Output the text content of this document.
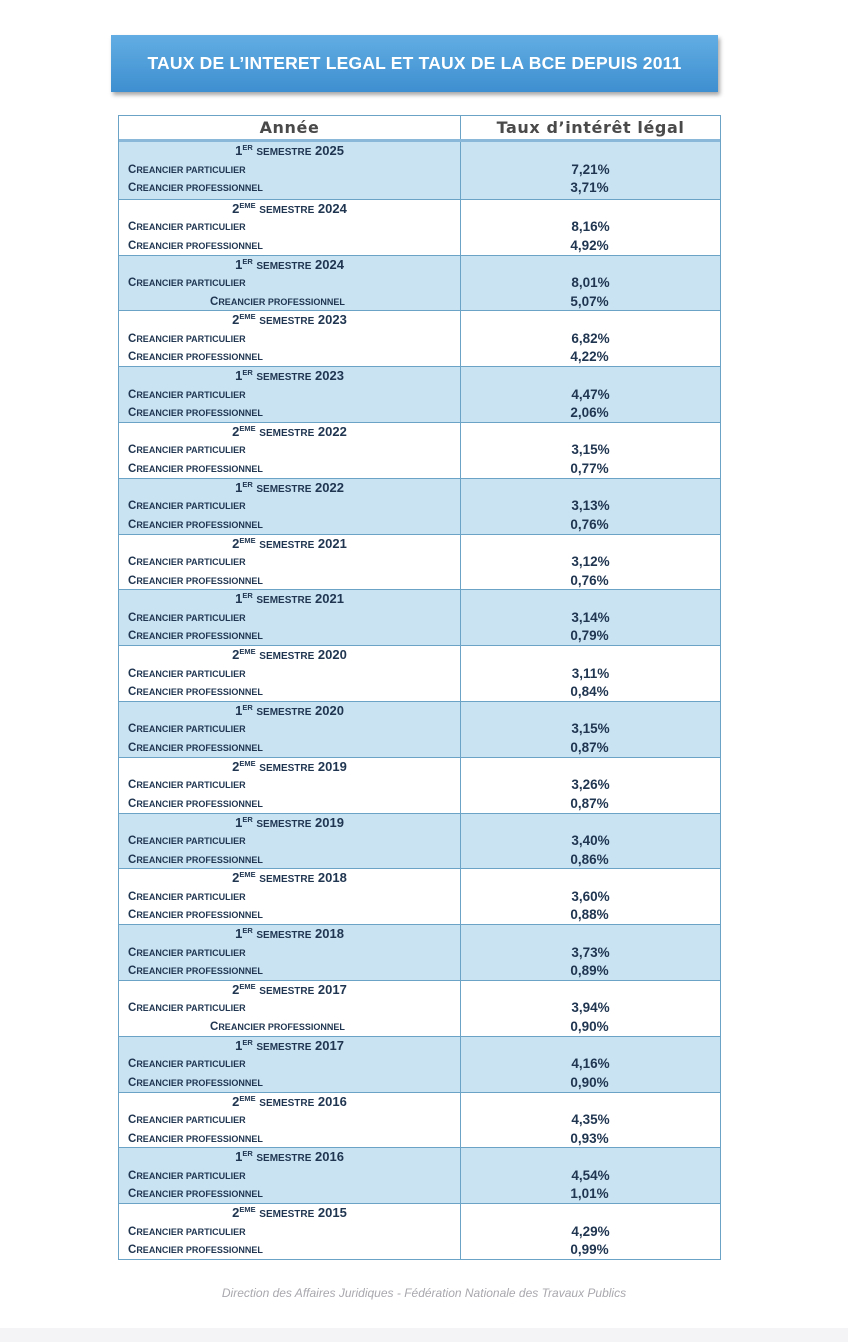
TAUX DE L’INTERET LEGAL ET TAUX DE LA BCE DEPUIS 2011
Année	Taux d’intérêt légal
1ER SEMESTRE 2025
CREANCIER PARTICULIER
CREANCIER PROFESSIONNEL
7,21%
3,71%
2EME SEMESTRE 2024
CREANCIER PARTICULIER
CREANCIER PROFESSIONNEL
8,16%
4,92%
1ER SEMESTRE 2024
CREANCIER PARTICULIER
CREANCIER PROFESSIONNEL
8,01%
5,07%
2EME SEMESTRE 2023
CREANCIER PARTICULIER
CREANCIER PROFESSIONNEL
6,82%
4,22%
1ER SEMESTRE 2023
CREANCIER PARTICULIER
CREANCIER PROFESSIONNEL
4,47%
2,06%
2EME SEMESTRE 2022
CREANCIER PARTICULIER
CREANCIER PROFESSIONNEL
3,15%
0,77%
1ER SEMESTRE 2022
CREANCIER PARTICULIER
CREANCIER PROFESSIONNEL
3,13%
0,76%
2EME SEMESTRE 2021
CREANCIER PARTICULIER
CREANCIER PROFESSIONNEL
3,12%
0,76%
1ER SEMESTRE 2021
CREANCIER PARTICULIER
CREANCIER PROFESSIONNEL
3,14%
0,79%
2EME SEMESTRE 2020
CREANCIER PARTICULIER
CREANCIER PROFESSIONNEL
3,11%
0,84%
1ER SEMESTRE 2020
CREANCIER PARTICULIER
CREANCIER PROFESSIONNEL
3,15%
0,87%
2EME SEMESTRE 2019
CREANCIER PARTICULIER
CREANCIER PROFESSIONNEL
3,26%
0,87%
1ER SEMESTRE 2019
CREANCIER PARTICULIER
CREANCIER PROFESSIONNEL
3,40%
0,86%
2EME SEMESTRE 2018
CREANCIER PARTICULIER
CREANCIER PROFESSIONNEL
3,60%
0,88%
1ER SEMESTRE 2018
CREANCIER PARTICULIER
CREANCIER PROFESSIONNEL
3,73%
0,89%
2EME SEMESTRE 2017
CREANCIER PARTICULIER
CREANCIER PROFESSIONNEL
3,94%
0,90%
1ER SEMESTRE 2017
CREANCIER PARTICULIER
CREANCIER PROFESSIONNEL
4,16%
0,90%
2EME SEMESTRE 2016
CREANCIER PARTICULIER
CREANCIER PROFESSIONNEL
4,35%
0,93%
1ER SEMESTRE 2016
CREANCIER PARTICULIER
CREANCIER PROFESSIONNEL
4,54%
1,01%
2EME SEMESTRE 2015
CREANCIER PARTICULIER
CREANCIER PROFESSIONNEL
4,29%
0,99%
Direction des Affaires Juridiques - Fédération Nationale des Travaux Publics
